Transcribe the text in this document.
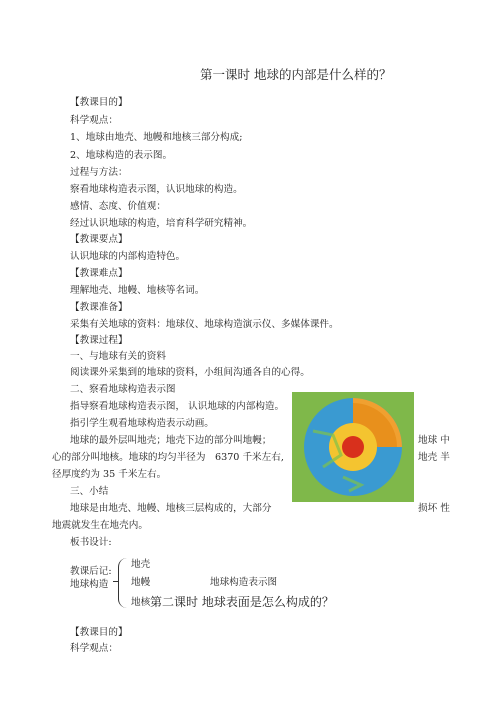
第一课时 地球的内部是什么样的？
【教课目的】
科学观点：
1、地球由地壳、地幔和地核三部分构成;
2、地球构造的表示图。
过程与方法：
察看地球构造表示图，认识地球的构造。
感情、态度、价值观：
经过认识地球的构造，培育科学研究精神。
【教课要点】
认识地球的内部构造特色。
【教课难点】
理解地壳、地幔、地核等名词。
【教课准备】
采集有关地球的资料：地球仪、地球构造演示仪、多媒体课件。
【教课过程】
一、与地球有关的资料
阅读课外采集到的地球的资料，小组间沟通各自的心得。
二、察看地球构造表示图
指导察看地球构造表示图， 认识地球的内部构造。
指引学生观看地球构造表示动画。
地球的最外层叫地壳；地壳下边的部分叫地幔；	地球 中
心的部分叫地核。地球的均匀半径为 6370 千米左右,	地壳 半
径厚度约为 35 千米左右。
三、小结
地球是由地壳、地幔、地核三层构成的，大部分	损坏 性
地震就发生在地壳内。
板书设计:
教课后记:
地球构造
地壳
地幔	地球构造表示图
地核 第二课时 地球表面是怎么构成的？
【教课目的】
科学观点：
